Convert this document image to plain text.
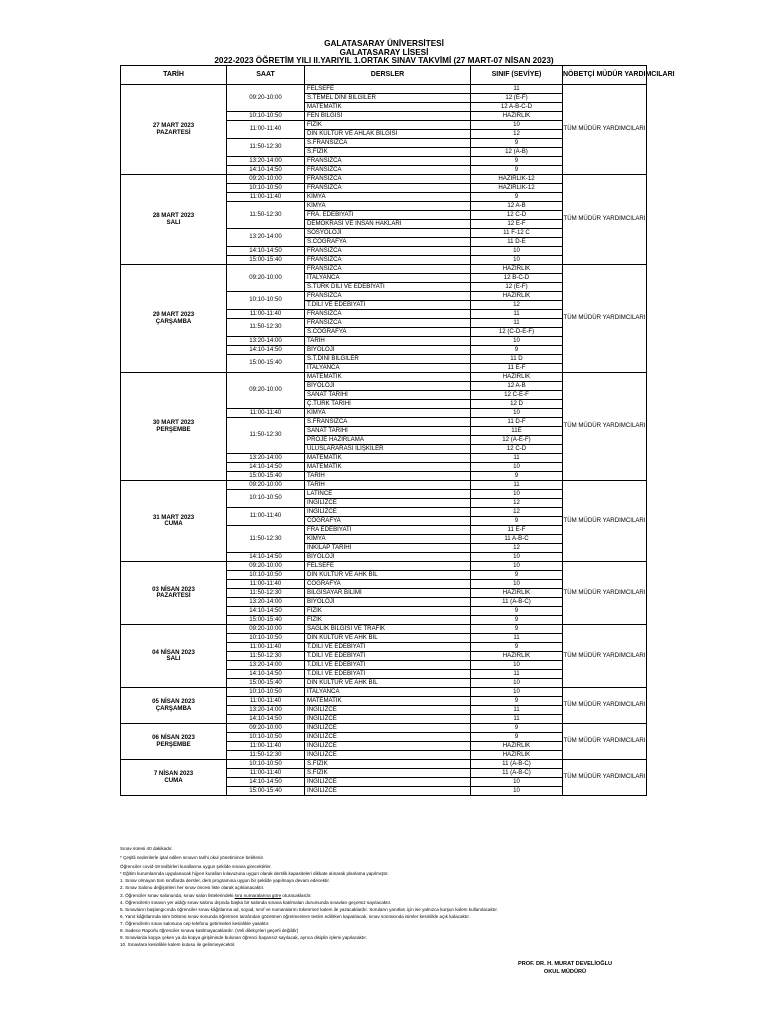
GALATASARAY ÜNİVERSİTESİ
GALATASARAY LİSESİ
2022-2023 ÖĞRETİM YILI II.YARIYIL 1.ORTAK SINAV TAKVİMİ (27 MART-07 NİSAN 2023)
TARİH	SAAT	DERSLER	SINIF (SEVİYE)	NÖBETÇİ MÜDÜR YARDIMCILARI

27 MART 2023
PAZARTESİ	09:20-10:00	FELSEFE	11	TÜM MÜDÜR YARDIMCILARI
		S.TEMEL DİNİ BİLGİLER	12 (E-F)	
		MATEMATİK	12 A-B-C-D	
	10:10-10:50	FEN BİLGİSİ	HAZIRLIK	
	11:00-11:40	FİZİK	10	
		DİN KÜLTÜR VE AHLAK BİLGİSİ	12	
	11:50-12:30	S.FRANSIZCA	9	
		S.FİZİK	12 (A-B)	
	13:20-14:00	FRANSIZCA	9	
	14:10-14:50	FRANSIZCA	9	

28 MART 2023
SALI	09:20-10:00	FRANSIZCA	HAZIRLIK-12	TÜM MÜDÜR YARDIMCILARI
	10:10-10:50	FRANSIZCA	HAZIRLIK-12	
	11:00-11:40	KİMYA	9	
	11:50-12:30	KİMYA	12 A-B	
		FRA. EDEBİYATI	12 C-D	
		DEMOKRASİ VE İNSAN HAKLARI	12 E-F	
	13:20-14:00	SOSYOLOJİ	11 F-12 C	
		S.COĞRAFYA	11 D-E	
	14:10-14:50	FRANSIZCA	10	
	15:00-15:40	FRANSIZCA	10	

29 MART 2023
ÇARŞAMBA	09:20-10:00	FRANSIZCA	HAZIRLIK	TÜM MÜDÜR YARDIMCILARI
		İTALYANCA	12 B-C-D	
		S.TÜRK DİLİ VE EDEBİYATI	12 (E-F)	
	10:10-10:50	FRANSIZCA	HAZIRLIK	
		T.DİLİ VE EDEBİYATI	12	
	11:00-11:40	FRANSIZCA	11	
	11:50-12:30	FRANSIZCA	11	
		S.COĞRAFYA	12 (C-D-E-F)	
	13:20-14:00	TARİH	10	
	14:10-14:50	BİYOLOJİ	9	
	15:00-15:40	S.T.DİNİ BİLGİLER	11 D	
		İTALYANCA	11 E-F	

30 MART 2023
PERŞEMBE	09:20-10:00	MATEMATİK	HAZIRLIK	TÜM MÜDÜR YARDIMCILARI
		BİYOLOJİ	12 A-B	
		SANAT TARİHİ	12 C-E-F	
		Ç.TÜRK TARİHİ	12 D	
	11:00-11:40	KİMYA	10	
	11:50-12:30	S.FRANSIZCA	11 D-F	
		SANAT TARİHİ	11E	
		PROJE HAZIRLAMA	12 (A-E-F)	
		ULUSLARARASI İLİŞKİLER	12 C-D	
	13:20-14:00	MATEMATİK	11	
	14:10-14:50	MATEMATİK	10	
	15:00-15:40	TARİH	9	

31 MART 2023
CUMA	09:20-10:00	TARİH	11	TÜM MÜDÜR YARDIMCILARI
	10:10-10:50	LATİNCE	10	
		İNGİLİZCE	12	
	11:00-11:40	İNGİLİZCE	12	
		COĞRAFYA	9	
	11:50-12:30	FRA EDEBİYATI	11 E-F	
		KİMYA	11 A-B-C	
		İNKILAP TARİHİ	12	
	14:10-14:50	BİYOLOJİ	10	

03 NİSAN 2023
PAZARTESİ	09:20-10:00	FELSEFE	10	TÜM MÜDÜR YARDIMCILARI
	10:10-10:50	DİN KÜLTÜR VE AHK BİL	9	
	11:00-11:40	COĞRAFYA	10	
	11:50-12:30	BİLGİSAYAR BİLİMİ	HAZIRLIK	
	13:20-14:00	BİYOLOJİ	11 (A-B-C)	
	14:10-14:50	FİZİK	9	
	15:00-15:40	FİZİK	9	

04 NİSAN 2023
SALI	09:20-10:00	SAĞLIK BİLGİSİ VE TRAFİK	9	TÜM MÜDÜR YARDIMCILARI
	10:10-10:50	DİN KÜLTÜR VE AHK BİL	11	
	11:00-11:40	T.DİLİ VE EDEBİYATI	9	
	11:50-12:30	T.DİLİ VE EDEBİYATI	HAZIRLIK	
	13:20-14:00	T.DİLİ VE EDEBİYATI	10	
	14:10-14:50	T.DİLİ VE EDEBİYATI	11	
	15:00-15:40	DİN KÜLTÜR VE AHK BİL	10	

05 NİSAN 2023
ÇARŞAMBA	10:10-10:50	İTALYANCA	10	TÜM MÜDÜR YARDIMCILARI
	11:00-11:40	MATEMATİK	9	
	13:20-14:00	İNGİLİZCE	11	
	14:10-14:50	İNGİLİZCE	11	

06 NİSAN 2023
PERŞEMBE	09:20-10:00	İNGİLİZCE	9	TÜM MÜDÜR YARDIMCILARI
	10:10-10:50	İNGİLİZCE	9	
	11:00-11:40	İNGİLİZCE	HAZIRLIK	
	11:50-12:30	İNGİLİZCE	HAZIRLIK	

7 NİSAN 2023
CUMA	10:10-10:50	S.FİZİK	11 (A-B-C)	TÜM MÜDÜR YARDIMCILARI
	11:00-11:40	S.FİZİK	11 (A-B-C)	
	14:10-14:50	İNGİLİZCE	10	
	15:00-15:40	İNGİLİZCE	10	
Sınav süresi 40 dakikadır.
* Çeşitli nedenlerle iptal edilen sınavın tarihi okul yönetimince belirlenir.
Öğrenciler covid-19 tedbirleri kurallarına uygun şekilde sınava girecektirler.
* Eğitim kurumlarında uygulanacak hijyen kuralları kılavuzuna uygun olarak derslik kapasiteleri dikkate alınarak planlama yapılmıştır.
1. Sınav olmayan tüm sınıflarda dersler, ders programına uygun bir şekilde yapılmaya devam edecektir.
2. Sınav Salonu değişimleri her sınav öncesi liste olarak açıklanacaktır.
3. Öğrenciler sınav salonunda, sınav salon listelerindeki sıra numaralarına göre oturacaklardır.
4. Öğrencilerin sınavın yer aldığı sınav salonu dışında başka bir salonda sınava katılmaları durumunda sınavları geçersiz sayılacaktır.
5. Sınavların başlangıcında öğrenciler sınav kâğıtlarına ad, soyad, sınıf ve numaralarını tükenmez kalem ile yazacaklardır. Soruların yanıtları için ise yalnızca kurşun kalem kullanılacaktır.
6. Yanıt kâğıtlarında isim bölümü sınav sonunda öğretmen tarafından gözetmen öğretmenlere teslim edilirken kapatılacak, sınav sonrasında isimler kesinlikle açık kalacaktır.
7. Öğrencilerin sınav salonuna cep telefonu getirmeleri kesinlikle yasaktır.
8. Sadece Raporlu öğrenciler sınava katılmayacaklardır. (Veli dilekçeleri geçerli değildir)
9. Sınavlarda kopya çeken ya da kopya girişiminde bulunan öğrenci başarısız sayılacak, ayrıca disiplin işlemi yapılacaktır.
10. Sınavlara kesinlikle kalem kutusu ile gelinmeyecektir.
PROF. DR. H. MURAT DEVELİOĞLU
OKUL MÜDÜRÜ
